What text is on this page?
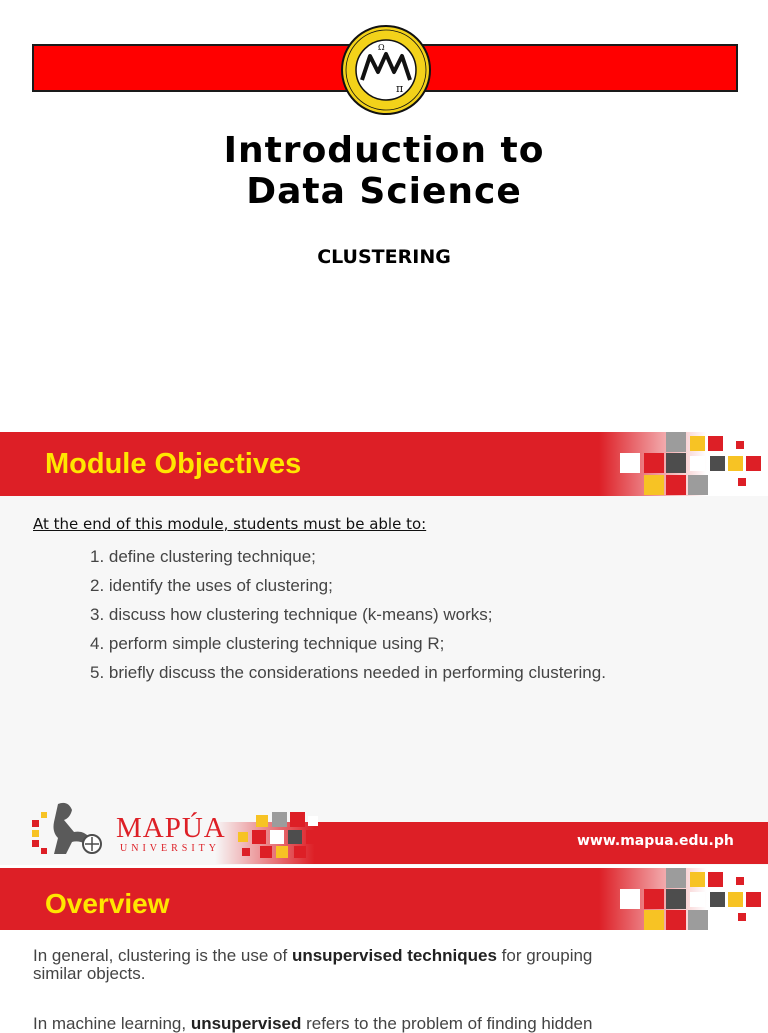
π
Ω
Introduction to
Data Science
CLUSTERING
Module Objectives
At the end of this module, students must be able to:
1. define clustering technique;
2. identify the uses of clustering;
3. discuss how clustering technique (k-means) works;
4. perform simple clustering technique using R;
5. briefly discuss the considerations needed in performing clustering.
MAPÚA
UNIVERSITY	www.mapua.edu.ph
Overview
In general, clustering is the use of unsupervised techniques for grouping
similar objects.
In machine learning, unsupervised refers to the problem of finding hidden
